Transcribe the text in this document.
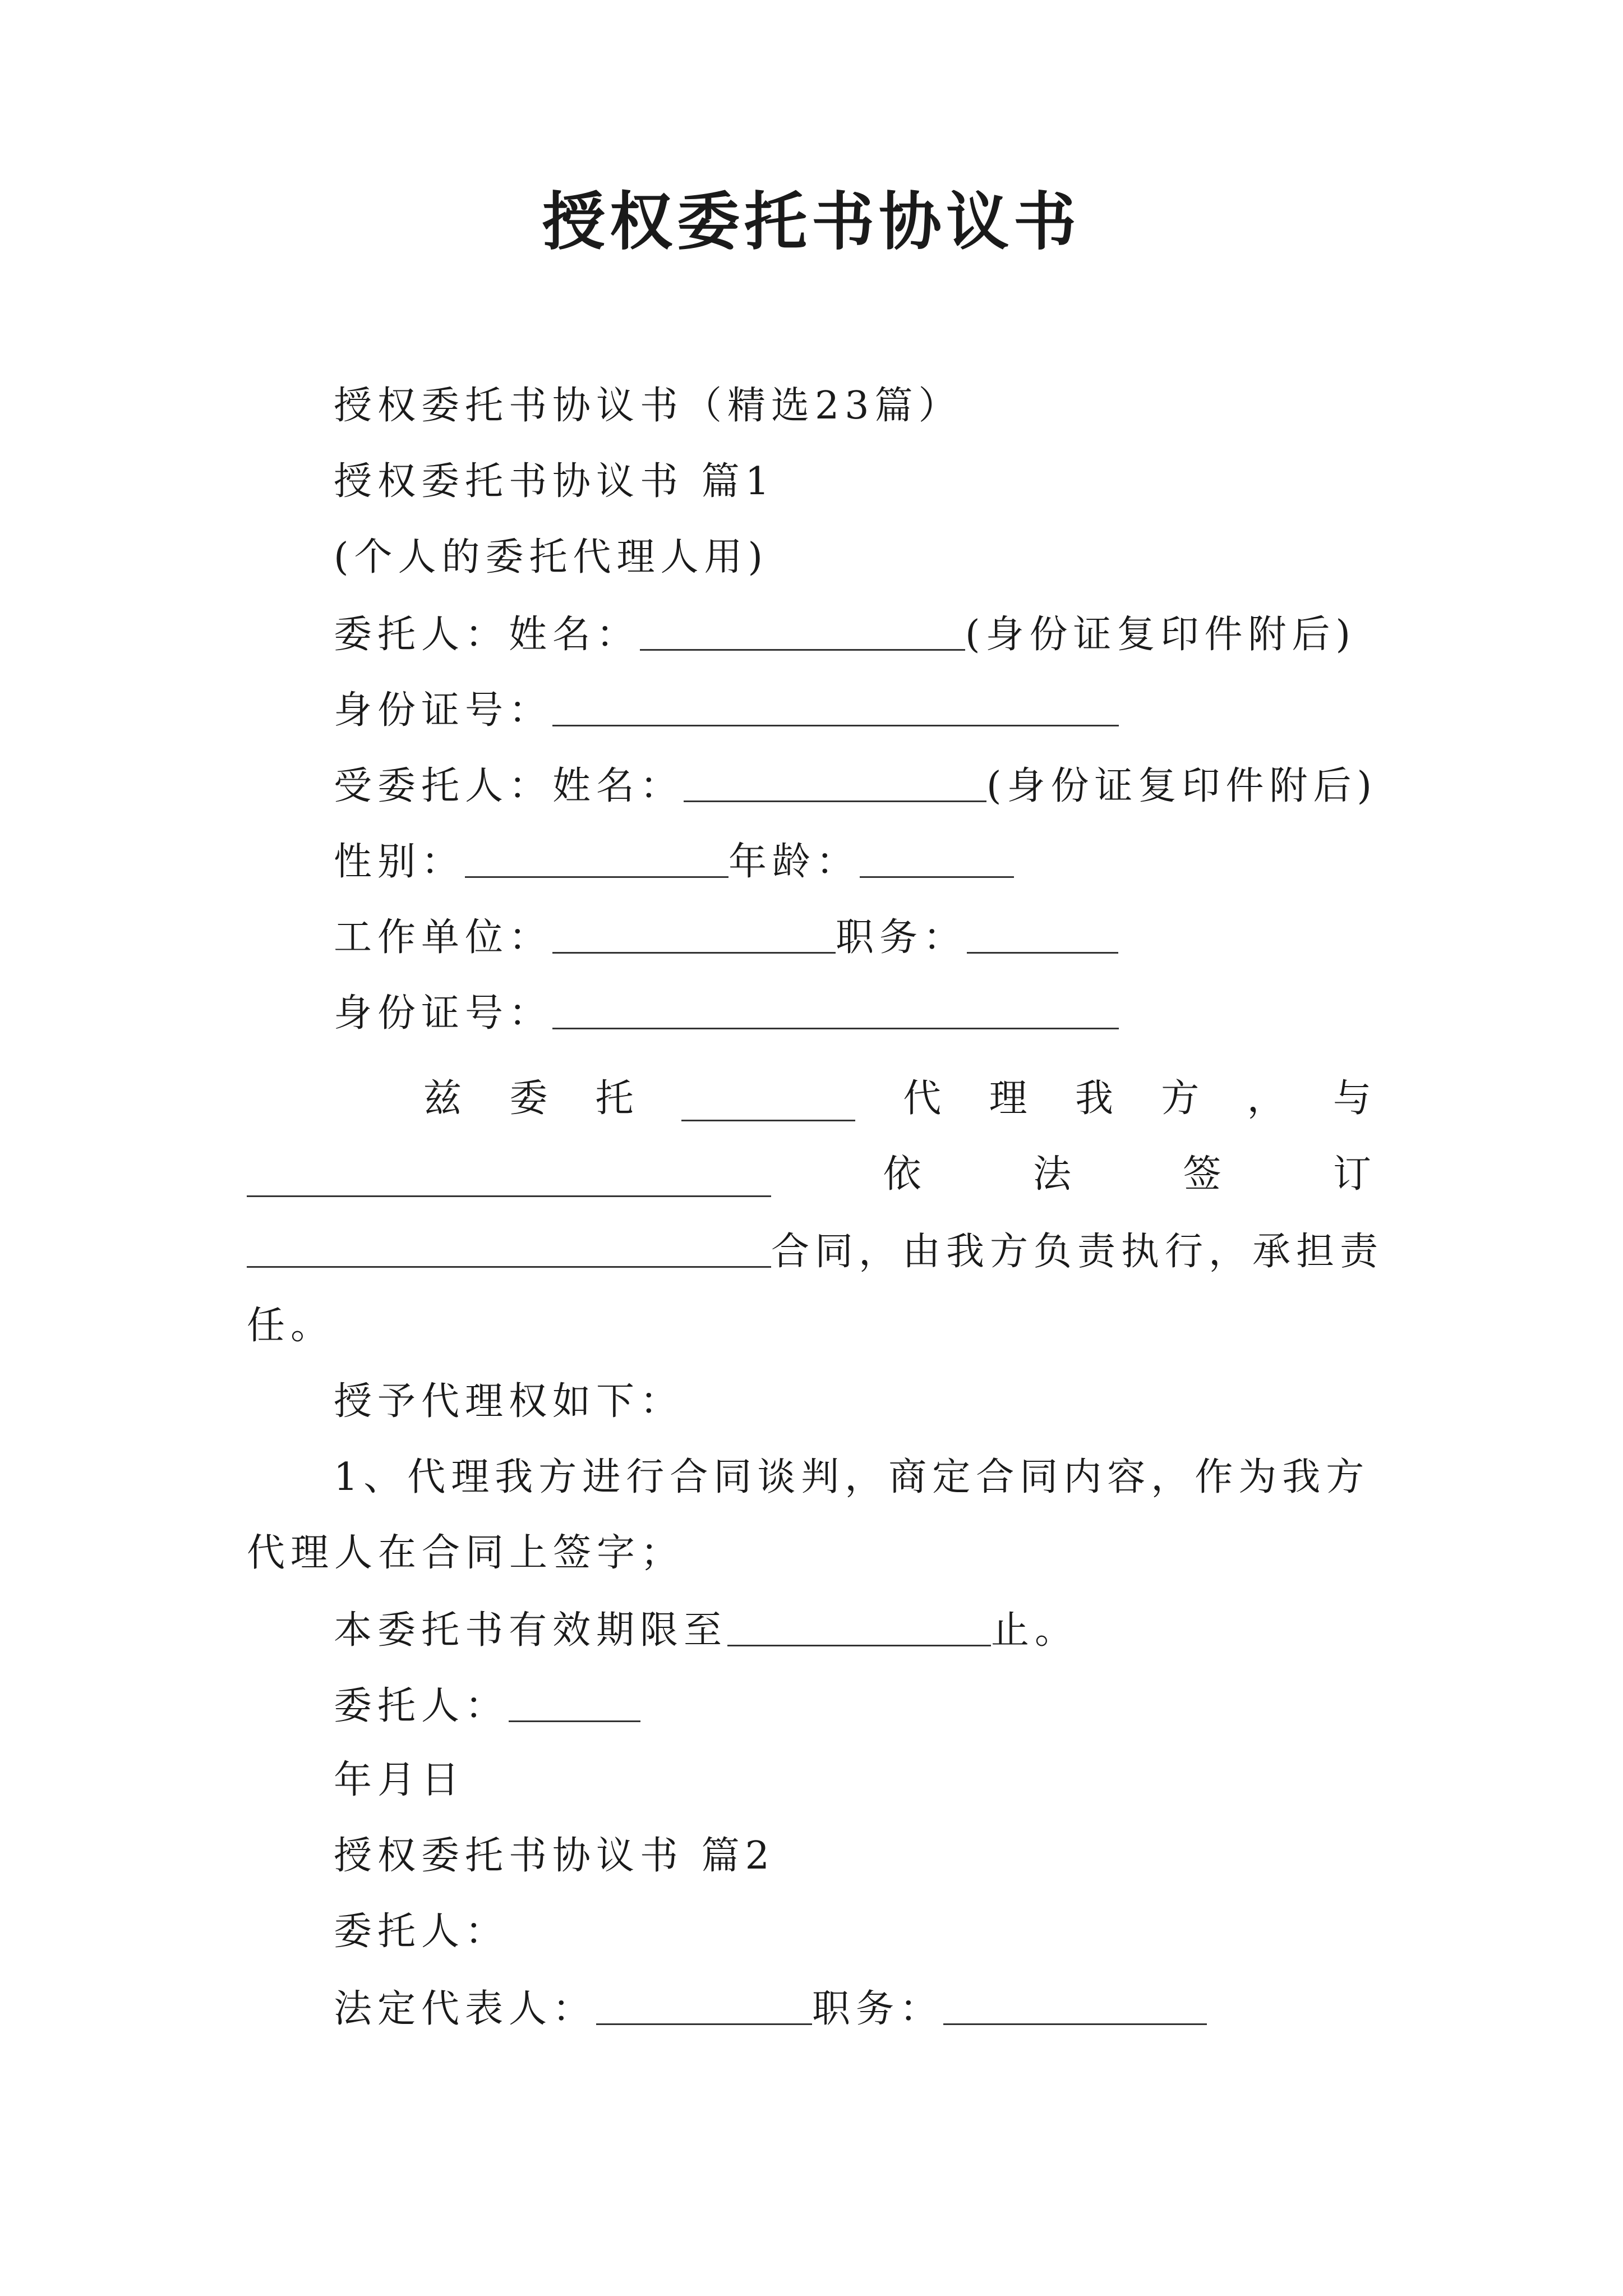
授权委托书协议书
授权委托书协议书（精选23篇）
授权委托书协议书 篇1
(个人的委托代理人用)
委托人：姓名：	(身份证复印件附后)
身份证号：
受委托人：姓名：	(身份证复印件附后)
性别：	年龄：
工作单位：	职务：
身份证号：
兹 委 托	代 理 我 方 ， 与
依	法	签	订
合同，由我方负责执行，承担责
任。
授予代理权如下：
1、代理我方进行合同谈判，商定合同内容，作为我方
代理人在合同上签字；
本委托书有效期限至	止。
委托人：
年月日
授权委托书协议书 篇2
委托人：
法定代表人：	职务：
